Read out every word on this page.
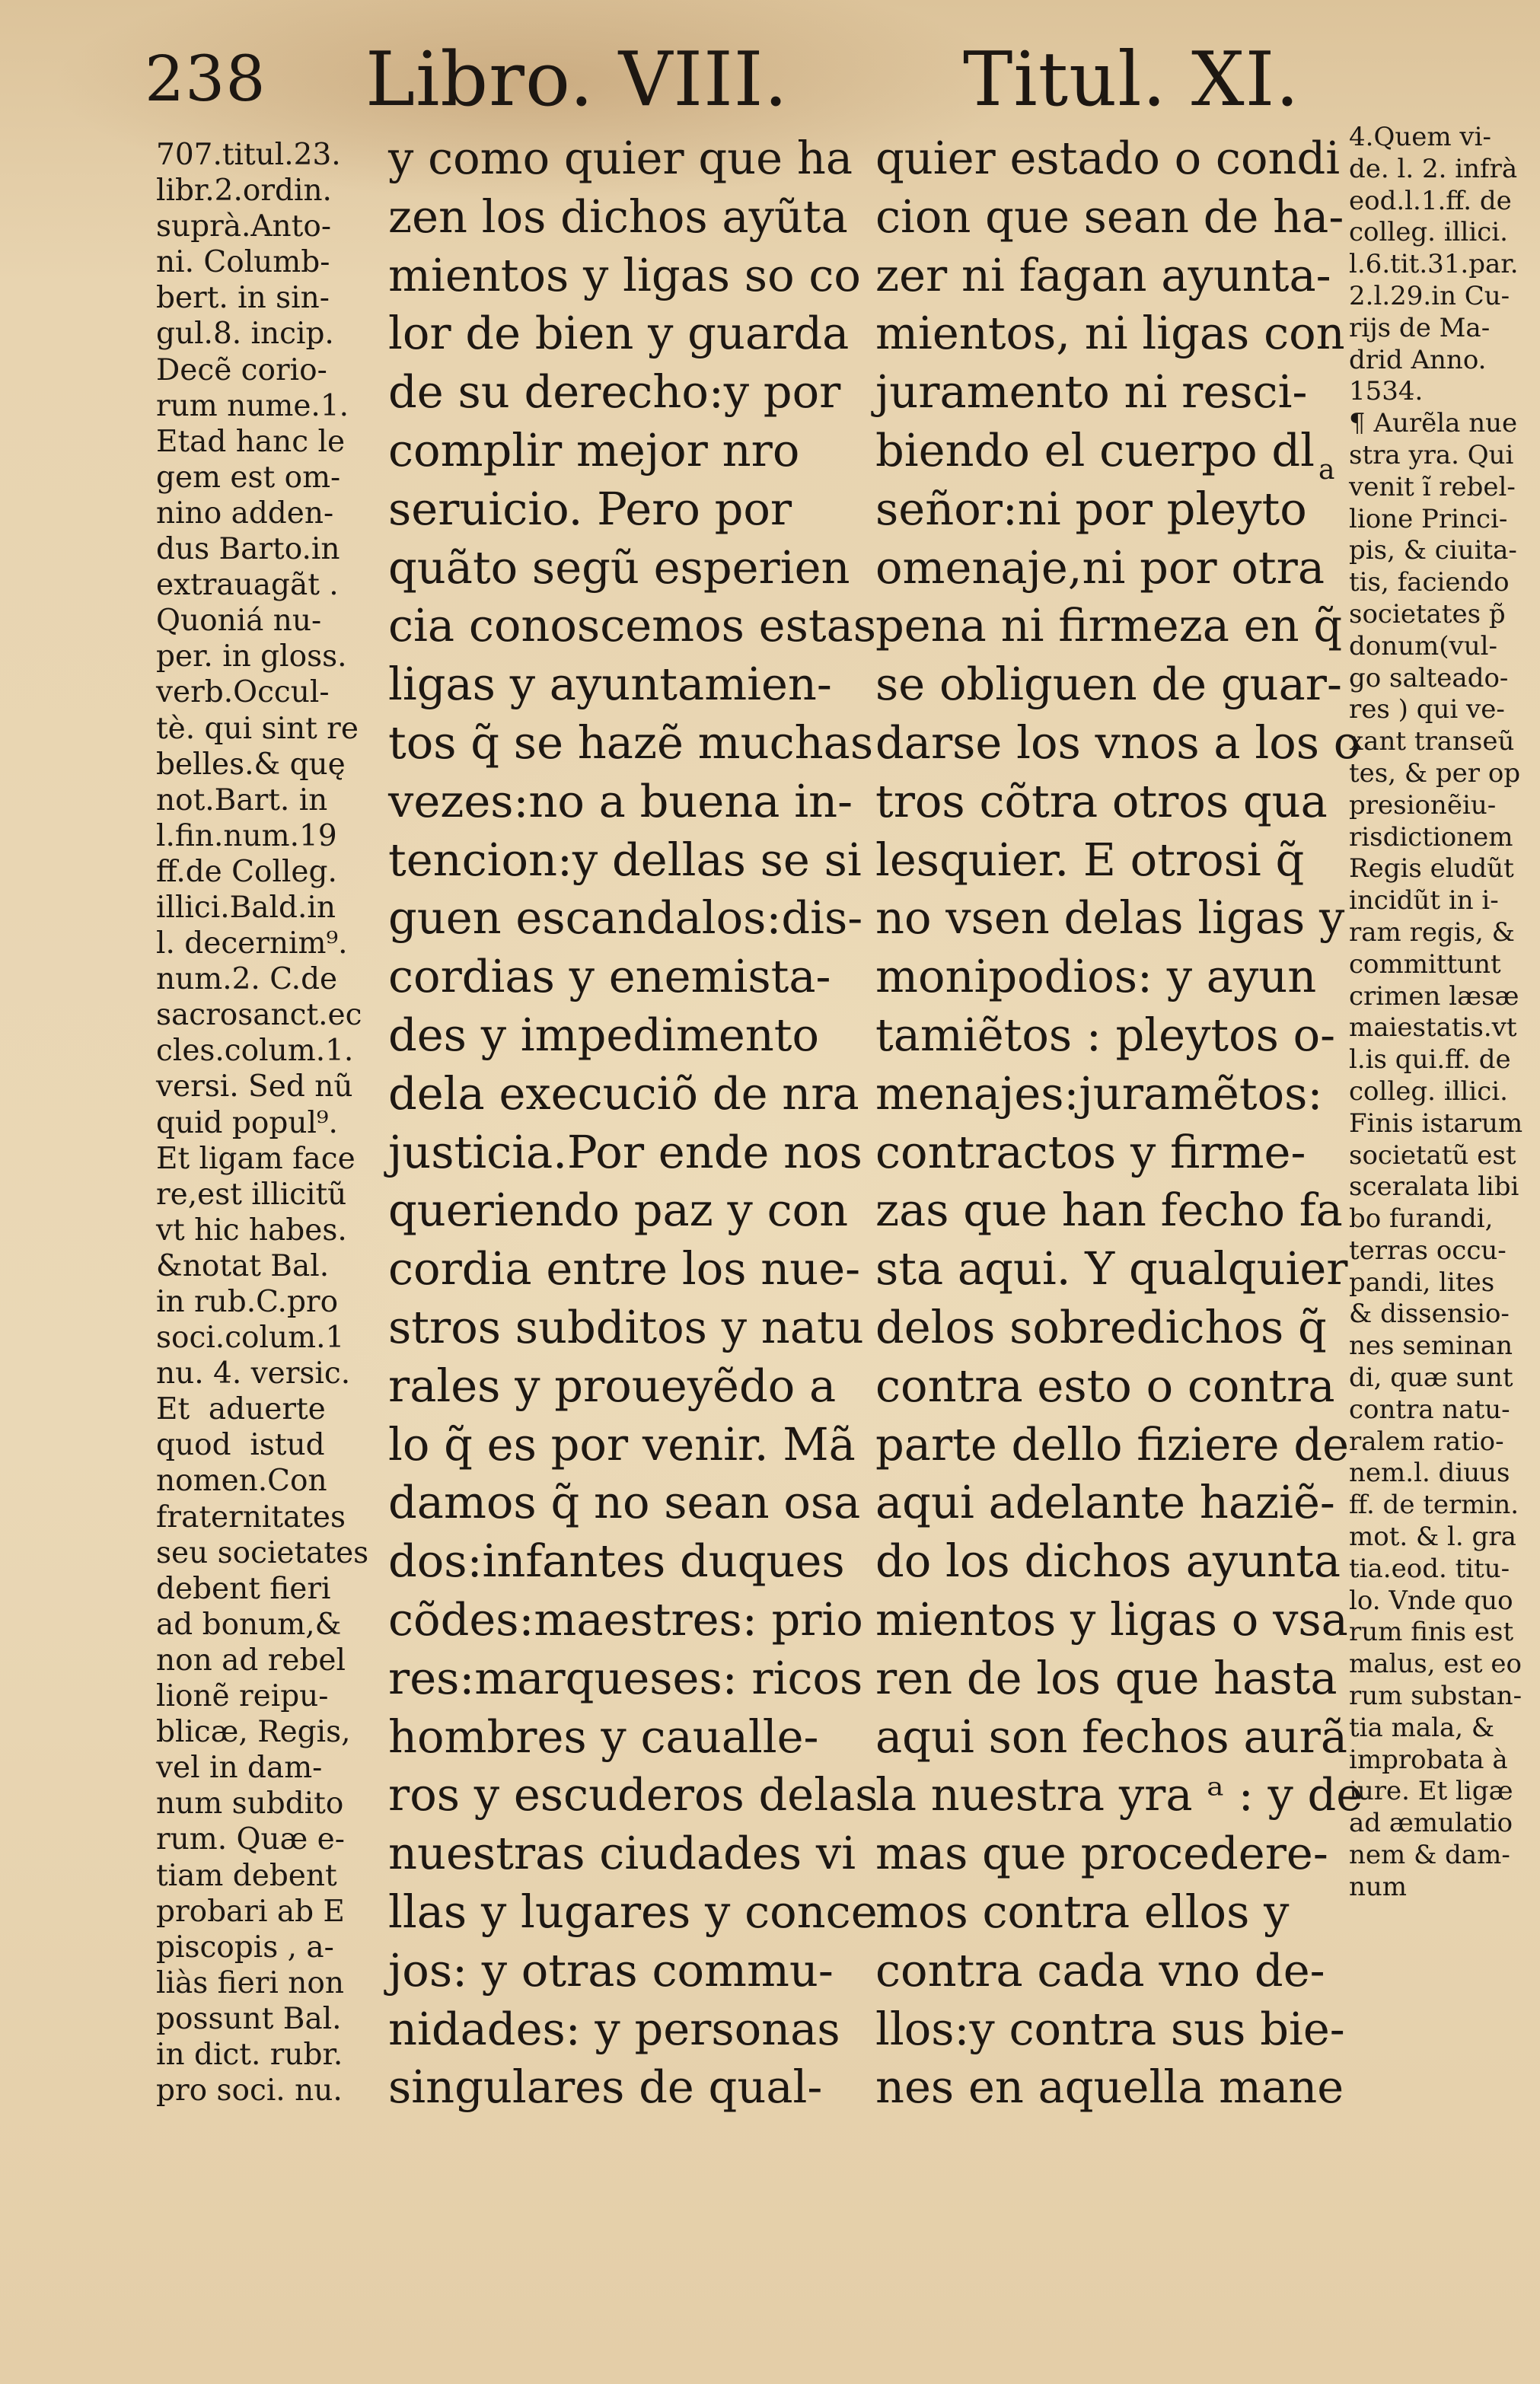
238 Libro. VIII. Titul. XI.
707.titul.23.
libr.2.ordin.
suprà.Anto-
ni. Columb-
bert. in sin-
gul.8. incip.
Decẽ corio-
rum nume.1.
Etad hanc le
gem est om-
nino adden-
dus Barto.in
extrauagãt .
Quoniá nu-
per. in gloss.
verb.Occul-
tè. qui sint re
belles.& quę
not.Bart. in
l.fin.num.19
ff.de Colleg.
illici.Bald.in
l. decernim⁹.
num.2. C.de
sacrosanct.ec
cles.colum.1.
versi. Sed nũ
quid popul⁹.
Et ligam face
re,est illicitũ
vt hic habes.
&notat Bal.
in rub.C.pro
soci.colum.1
nu. 4. versic.
Et  aduerte
quod  istud
nomen.Con
fraternitates
seu societates
debent fieri
ad bonum,&
non ad rebel
lionẽ reipu-
blicæ, Regis,
vel in dam-
num subdito
rum. Quæ e-
tiam debent
probari ab E
piscopis , a-
liàs fieri non
possunt Bal.
in dict. rubr.
pro soci. nu.
y como quier que ha
zen los dichos ayũta
mientos y ligas so co
lor de bien y guarda
de su derecho:y por
complir mejor nro
seruicio. Pero por
quãto segũ esperien
cia conoscemos estas
ligas y ayuntamien-
tos q̃ se hazẽ muchas
vezes:no a buena in-
tencion:y dellas se si
guen escandalos:dis-
cordias y enemista-
des y impedimento
dela execuciõ de nra
justicia.Por ende nos
queriendo paz y con
cordia entre los nue-
stros subditos y natu
rales y proueyẽdo a
lo q̃ es por venir. Mã
damos q̃ no sean osa
dos:infantes duques
cõdes:maestres: prio
res:marqueses: ricos
hombres y caualle-
ros y escuderos delas
nuestras ciudades vi
llas y lugares y conce
jos: y otras commu-
nidades: y personas
singulares de qual-
quier estado o condi
cion que sean de ha-
zer ni fagan ayunta-
mientos, ni ligas con
juramento ni resci-
biendo el cuerpo dl
señor:ni por pleyto
omenaje,ni por otra
pena ni firmeza en q̃
se obliguen de guar-
darse los vnos a los o
tros cõtra otros qua
lesquier. E otrosi q̃
no vsen delas ligas y
monipodios: y ayun
tamiẽtos : pleytos o-
menajes:juramẽtos:
contractos y firme-
zas que han fecho fa
sta aqui. Y qualquier
delos sobredichos q̃
contra esto o contra
parte dello fiziere de
aqui adelante haziẽ-
do los dichos ayunta
mientos y ligas o vsa
ren de los que hasta
aqui son fechos aurã
la nuestra yra ᵃ : y de
mas que procedere-
mos contra ellos y
contra cada vno de-
llos:y contra sus bie-
nes en aquella mane
a
4.Quem vi-
de. l. 2. infrà
eod.l.1.ff. de
colleg. illici.
l.6.tit.31.par.
2.l.29.in Cu-
rijs de Ma-
drid Anno.
1534.
¶ Aurẽla nue
stra yra. Qui
venit ĩ rebel-
lione Princi-
pis, & ciuita-
tis, faciendo
societates p̃
donum(vul-
go salteado-
res ) qui ve-
xant transeũ
tes, & per op
presionẽiu-
risdictionem
Regis eludũt
incidũt in i-
ram regis, &
committunt
crimen læsæ
maiestatis.vt
l.is qui.ff. de
colleg. illici.
Finis istarum
societatũ est
sceralata libi
bo furandi,
terras occu-
pandi, lites
& dissensio-
nes seminan
di, quæ sunt
contra natu-
ralem ratio-
nem.l. diuus
ff. de termin.
mot. & l. gra
tia.eod. titu-
lo. Vnde quo
rum finis est
malus, est eo
rum substan-
tia mala, &
improbata à
iure. Et ligæ
ad æmulatio
nem & dam-
num
